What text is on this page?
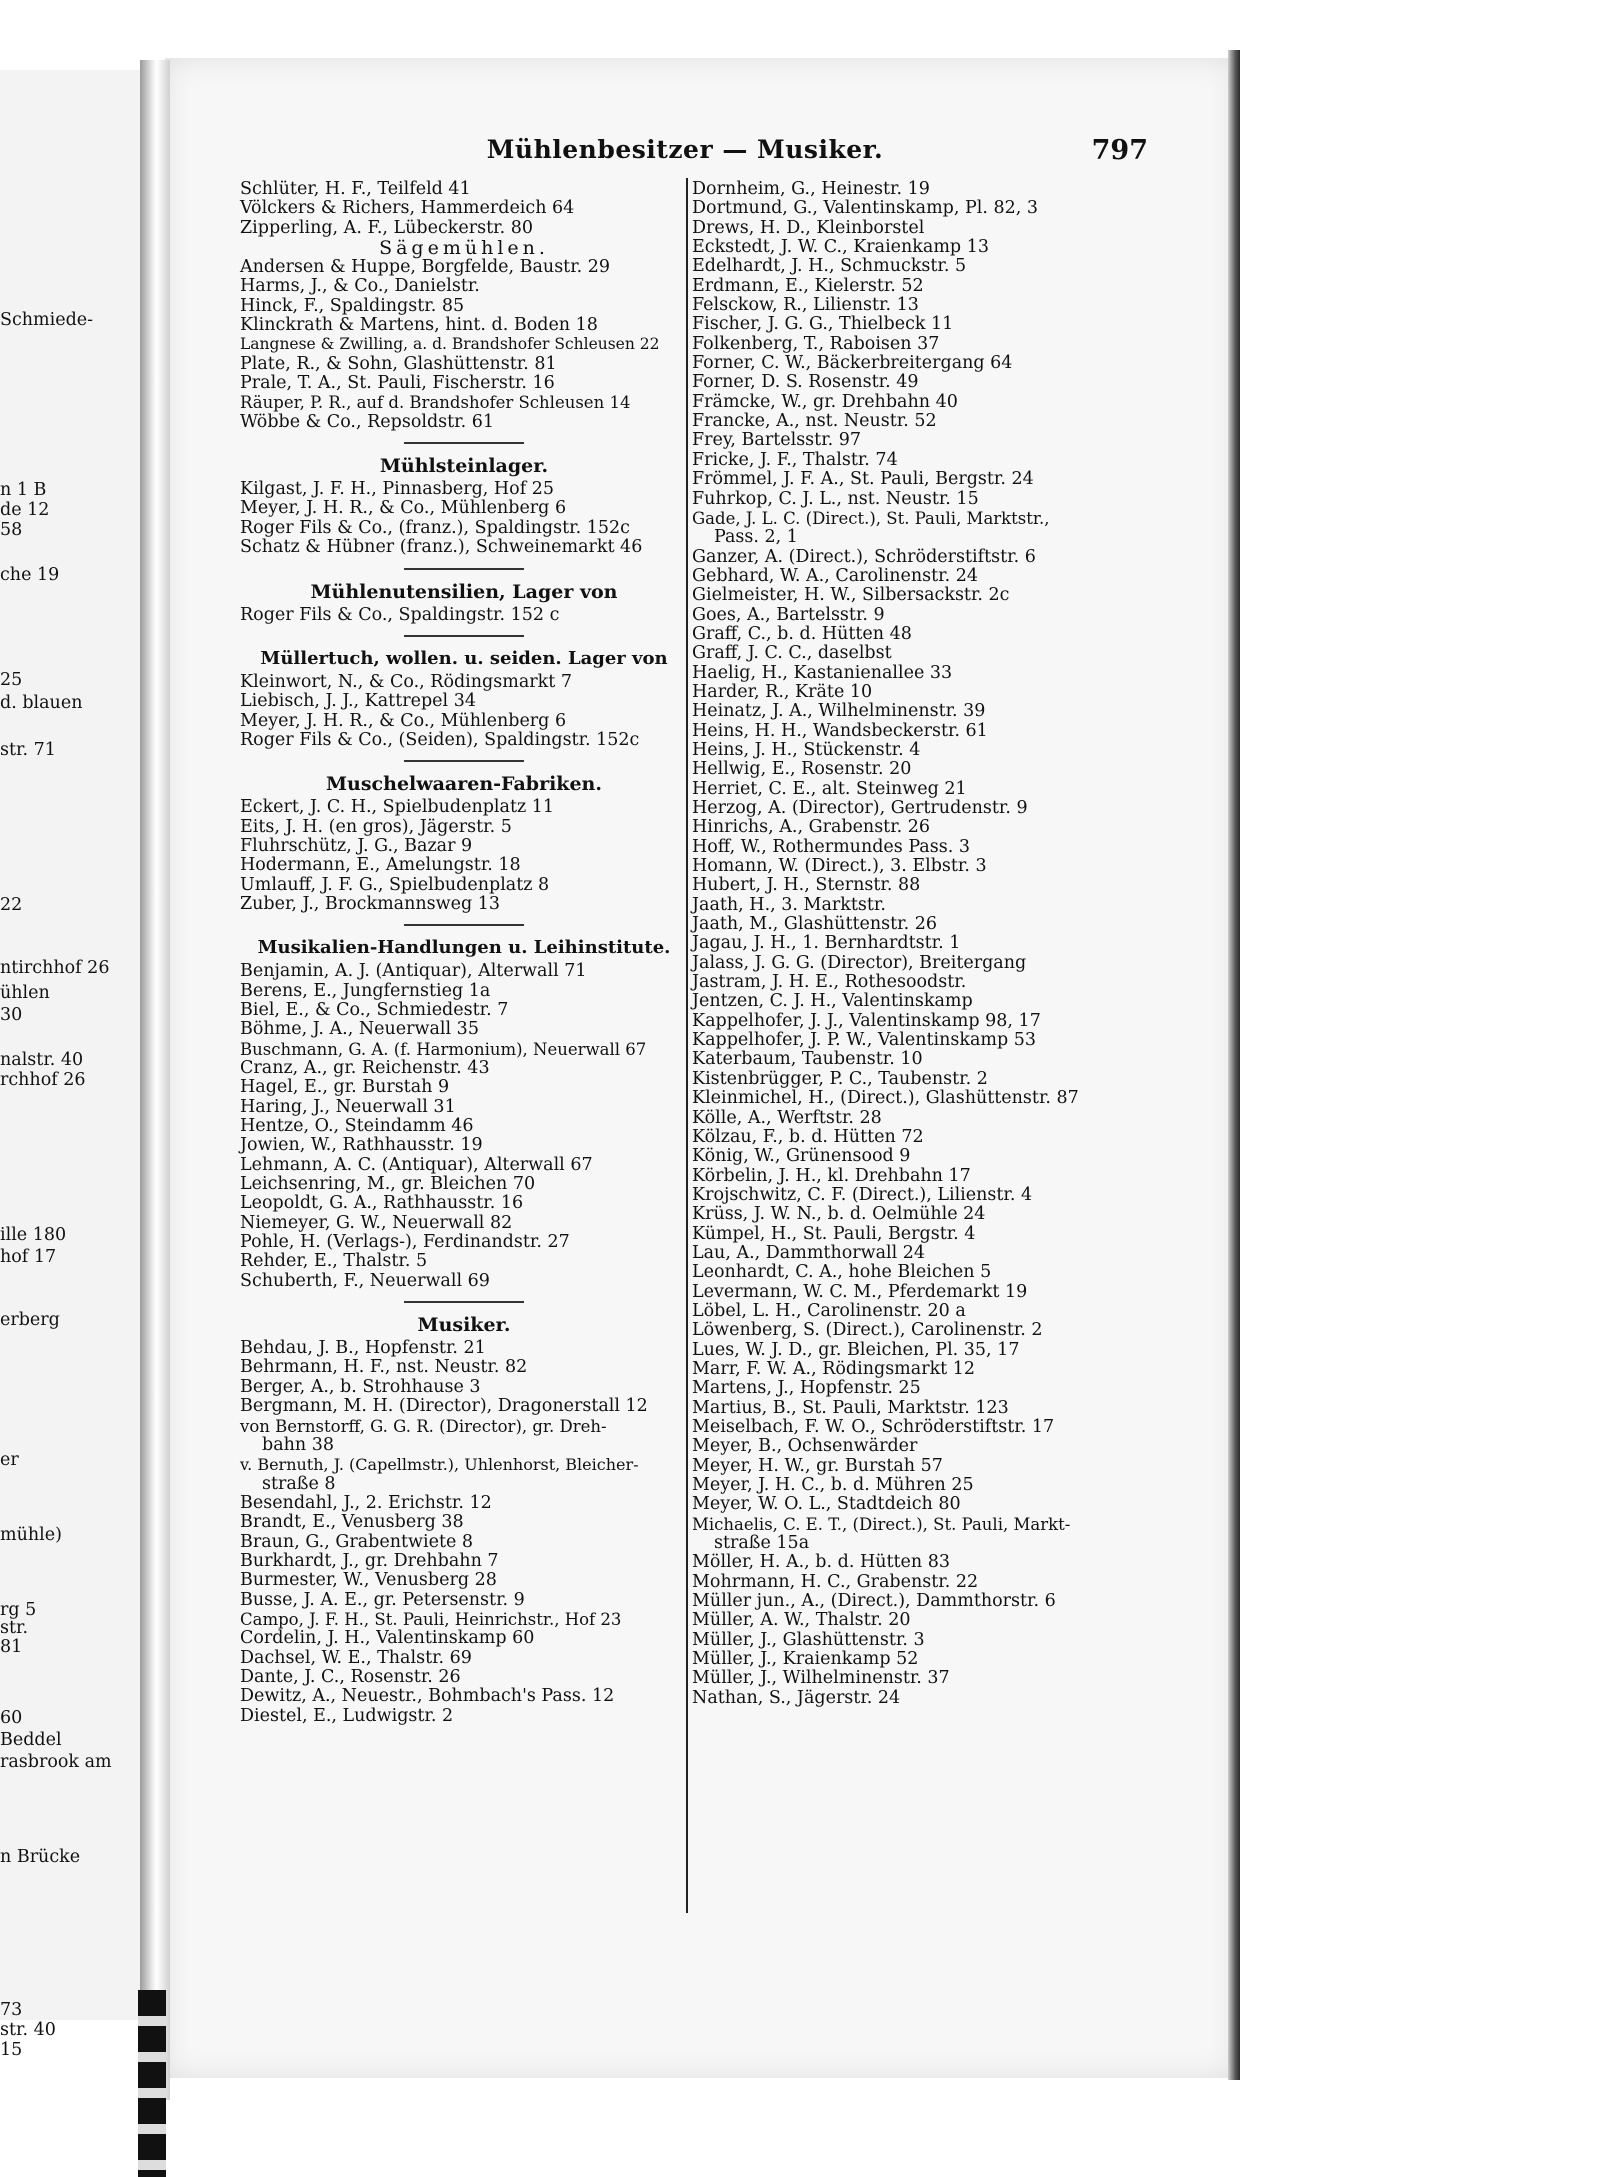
Schmiede-
n 1 B
de 12
58
che 19
25
d. blauen
str. 71
22
ntirchhof 26
ühlen
30
nalstr. 40
rchhof 26
ille 180
hof 17
erberg
er
mühle)
rg 5
str.
81
60
Beddel
rasbrook am
n Brücke
73
str. 40
15
Mühlenbesitzer — Musiker.	797
Schlüter, H. F., Teilfeld 41
Völckers & Richers, Hammerdeich 64
Zipperling, A. F., Lübeckerstr. 80
Sägemühlen.
Andersen & Huppe, Borgfelde, Baustr. 29
Harms, J., & Co., Danielstr.
Hinck, F., Spaldingstr. 85
Klinckrath & Martens, hint. d. Boden 18
Langnese & Zwilling, a. d. Brandshofer Schleusen 22
Plate, R., & Sohn, Glashüttenstr. 81
Prale, T. A., St. Pauli, Fischerstr. 16
Räuper, P. R., auf d. Brandshofer Schleusen 14
Wöbbe & Co., Repsoldstr. 61
Mühlsteinlager.
Kilgast, J. F. H., Pinnasberg, Hof 25
Meyer, J. H. R., & Co., Mühlenberg 6
Roger Fils & Co., (franz.), Spaldingstr. 152c
Schatz & Hübner (franz.), Schweinemarkt 46
Mühlenutensilien, Lager von
Roger Fils & Co., Spaldingstr. 152 c
Müllertuch, wollen. u. seiden. Lager von
Kleinwort, N., & Co., Rödingsmarkt 7
Liebisch, J. J., Kattrepel 34
Meyer, J. H. R., & Co., Mühlenberg 6
Roger Fils & Co., (Seiden), Spaldingstr. 152c
Muschelwaaren-Fabriken.
Eckert, J. C. H., Spielbudenplatz 11
Eits, J. H. (en gros), Jägerstr. 5
Fluhrschütz, J. G., Bazar 9
Hodermann, E., Amelungstr. 18
Umlauff, J. F. G., Spielbudenplatz 8
Zuber, J., Brockmannsweg 13
Musikalien-Handlungen u. Leihinstitute.
Benjamin, A. J. (Antiquar), Alterwall 71
Berens, E., Jungfernstieg 1a
Biel, E., & Co., Schmiedestr. 7
Böhme, J. A., Neuerwall 35
Buschmann, G. A. (f. Harmonium), Neuerwall 67
Cranz, A., gr. Reichenstr. 43
Hagel, E., gr. Burstah 9
Haring, J., Neuerwall 31
Hentze, O., Steindamm 46
Jowien, W., Rathhausstr. 19
Lehmann, A. C. (Antiquar), Alterwall 67
Leichsenring, M., gr. Bleichen 70
Leopoldt, G. A., Rathhausstr. 16
Niemeyer, G. W., Neuerwall 82
Pohle, H. (Verlags-), Ferdinandstr. 27
Rehder, E., Thalstr. 5
Schuberth, F., Neuerwall 69
Musiker.
Behdau, J. B., Hopfenstr. 21
Behrmann, H. F., nst. Neustr. 82
Berger, A., b. Strohhause 3
Bergmann, M. H. (Director), Dragonerstall 12
von Bernstorff, G. G. R. (Director), gr. Dreh-
bahn 38
v. Bernuth, J. (Capellmstr.), Uhlenhorst, Bleicher-
straße 8
Besendahl, J., 2. Erichstr. 12
Brandt, E., Venusberg 38
Braun, G., Grabentwiete 8
Burkhardt, J., gr. Drehbahn 7
Burmester, W., Venusberg 28
Busse, J. A. E., gr. Petersenstr. 9
Campo, J. F. H., St. Pauli, Heinrichstr., Hof 23
Cordelin, J. H., Valentinskamp 60
Dachsel, W. E., Thalstr. 69
Dante, J. C., Rosenstr. 26
Dewitz, A., Neuestr., Bohmbach's Pass. 12
Diestel, E., Ludwigstr. 2
Dornheim, G., Heinestr. 19
Dortmund, G., Valentinskamp, Pl. 82, 3
Drews, H. D., Kleinborstel
Eckstedt, J. W. C., Kraienkamp 13
Edelhardt, J. H., Schmuckstr. 5
Erdmann, E., Kielerstr. 52
Felsckow, R., Lilienstr. 13
Fischer, J. G. G., Thielbeck 11
Folkenberg, T., Raboisen 37
Forner, C. W., Bäckerbreitergang 64
Forner, D. S. Rosenstr. 49
Främcke, W., gr. Drehbahn 40
Francke, A., nst. Neustr. 52
Frey, Bartelsstr. 97
Fricke, J. F., Thalstr. 74
Frömmel, J. F. A., St. Pauli, Bergstr. 24
Fuhrkop, C. J. L., nst. Neustr. 15
Gade, J. L. C. (Direct.), St. Pauli, Marktstr.,
Pass. 2, 1
Ganzer, A. (Direct.), Schröderstiftstr. 6
Gebhard, W. A., Carolinenstr. 24
Gielmeister, H. W., Silbersackstr. 2c
Goes, A., Bartelsstr. 9
Graff, C., b. d. Hütten 48
Graff, J. C. C., daselbst
Haelig, H., Kastanienallee 33
Harder, R., Kräte 10
Heinatz, J. A., Wilhelminenstr. 39
Heins, H. H., Wandsbeckerstr. 61
Heins, J. H., Stückenstr. 4
Hellwig, E., Rosenstr. 20
Herriet, C. E., alt. Steinweg 21
Herzog, A. (Director), Gertrudenstr. 9
Hinrichs, A., Grabenstr. 26
Hoff, W., Rothermundes Pass. 3
Homann, W. (Direct.), 3. Elbstr. 3
Hubert, J. H., Sternstr. 88
Jaath, H., 3. Marktstr.
Jaath, M., Glashüttenstr. 26
Jagau, J. H., 1. Bernhardtstr. 1
Jalass, J. G. G. (Director), Breitergang
Jastram, J. H. E., Rothesoodstr.
Jentzen, C. J. H., Valentinskamp
Kappelhofer, J. J., Valentinskamp 98, 17
Kappelhofer, J. P. W., Valentinskamp 53
Katerbaum, Taubenstr. 10
Kistenbrügger, P. C., Taubenstr. 2
Kleinmichel, H., (Direct.), Glashüttenstr. 87
Kölle, A., Werftstr. 28
Kölzau, F., b. d. Hütten 72
König, W., Grünensood 9
Körbelin, J. H., kl. Drehbahn 17
Krojschwitz, C. F. (Direct.), Lilienstr. 4
Krüss, J. W. N., b. d. Oelmühle 24
Kümpel, H., St. Pauli, Bergstr. 4
Lau, A., Dammthorwall 24
Leonhardt, C. A., hohe Bleichen 5
Levermann, W. C. M., Pferdemarkt 19
Löbel, L. H., Carolinenstr. 20 a
Löwenberg, S. (Direct.), Carolinenstr. 2
Lues, W. J. D., gr. Bleichen, Pl. 35, 17
Marr, F. W. A., Rödingsmarkt 12
Martens, J., Hopfenstr. 25
Martius, B., St. Pauli, Marktstr. 123
Meiselbach, F. W. O., Schröderstiftstr. 17
Meyer, B., Ochsenwärder
Meyer, H. W., gr. Burstah 57
Meyer, J. H. C., b. d. Mühren 25
Meyer, W. O. L., Stadtdeich 80
Michaelis, C. E. T., (Direct.), St. Pauli, Markt-
straße 15a
Möller, H. A., b. d. Hütten 83
Mohrmann, H. C., Grabenstr. 22
Müller jun., A., (Direct.), Dammthorstr. 6
Müller, A. W., Thalstr. 20
Müller, J., Glashüttenstr. 3
Müller, J., Kraienkamp 52
Müller, J., Wilhelminenstr. 37
Nathan, S., Jägerstr. 24
